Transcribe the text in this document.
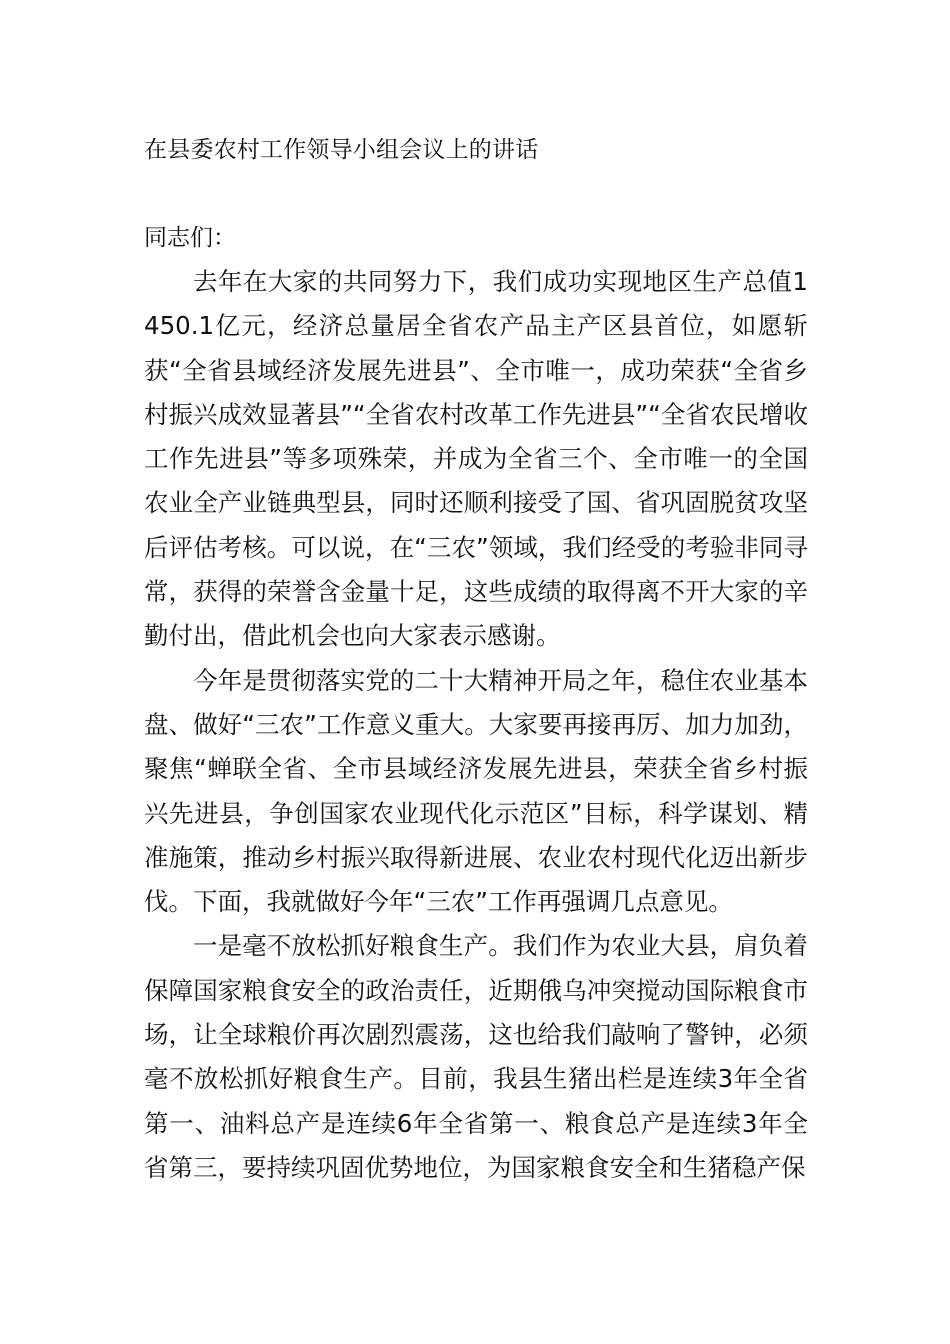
在县委农村工作领导小组会议上的讲话

同志们：

去年在大家的共同努力下，我们成功实现地区生产总值1450.1亿元，经济总量居全省农产品主产区县首位，如愿斩获“全省县域经济发展先进县”、全市唯一，成功荣获“全省乡村振兴成效显著县”“全省农村改革工作先进县”“全省农民增收工作先进县”等多项殊荣，并成为全省三个、全市唯一的全国农业全产业链典型县，同时还顺利接受了国、省巩固脱贫攻坚后评估考核。可以说，在“三农”领域，我们经受的考验非同寻常，获得的荣誉含金量十足，这些成绩的取得离不开大家的辛勤付出，借此机会也向大家表示感谢。

今年是贯彻落实党的二十大精神开局之年，稳住农业基本盘、做好“三农”工作意义重大。大家要再接再厉、加力加劲，聚焦“蝉联全省、全市县域经济发展先进县，荣获全省乡村振兴先进县，争创国家农业现代化示范区”目标，科学谋划、精准施策，推动乡村振兴取得新进展、农业农村现代化迈出新步伐。下面，我就做好今年“三农”工作再强调几点意见。

一是毫不放松抓好粮食生产。我们作为农业大县，肩负着保障国家粮食安全的政治责任，近期俄乌冲突搅动国际粮食市场，让全球粮价再次剧烈震荡，这也给我们敲响了警钟，必须毫不放松抓好粮食生产。目前，我县生猪出栏是连续3年全省第一、油料总产是连续6年全省第一、粮食总产是连续3年全省第三，要持续巩固优势地位，为国家粮食安全和生猪稳产保
